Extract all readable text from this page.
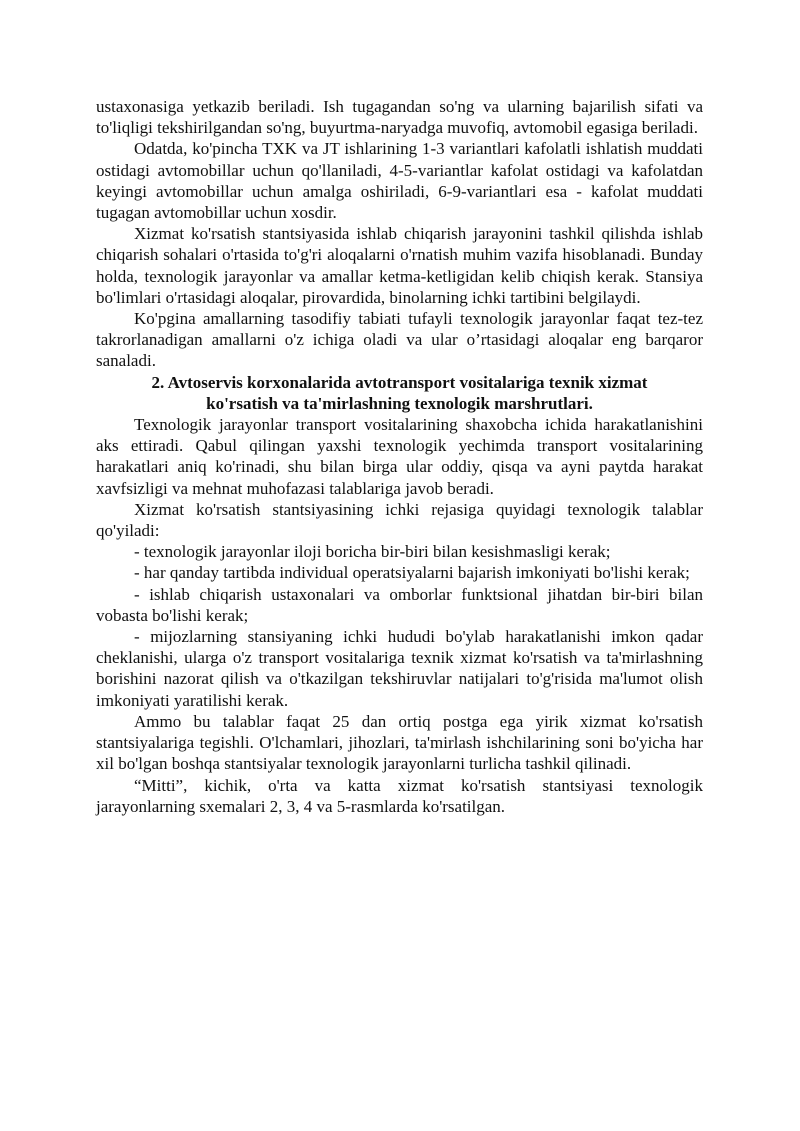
ustaxonasiga yetkazib beriladi. Ish tugagandan so'ng va ularning bajarilish sifati va to'liqligi tekshirilgandan so'ng, buyurtma-naryadga muvofiq, avtomobil egasiga beriladi.

Odatda, ko'pincha TXK va JT ishlarining 1-3 variantlari kafolatli ishlatish muddati ostidagi avtomobillar uchun qo'llaniladi, 4-5-variantlar kafolat ostidagi va kafolatdan keyingi avtomobillar uchun amalga oshiriladi, 6-9-variantlari esa - kafolat muddati tugagan avtomobillar uchun xosdir.

Xizmat ko'rsatish stantsiyasida ishlab chiqarish jarayonini tashkil qilishda ishlab chiqarish sohalari o'rtasida to'g'ri aloqalarni o'rnatish muhim vazifa hisoblanadi. Bunday holda, texnologik jarayonlar va amallar ketma-ketligidan kelib chiqish kerak. Stansiya bo'limlari o'rtasidagi aloqalar, pirovardida, binolarning ichki tartibini belgilaydi.

Ko'pgina amallarning tasodifiy tabiati tufayli texnologik jarayonlar faqat tez-tez takrorlanadigan amallarni o'z ichiga oladi va ular o’rtasidagi aloqalar eng barqaror sanaladi.

2. Avtoservis korxonalarida avtotransport vositalariga texnik xizmat ko'rsatish va ta'mirlashning texnologik marshrutlari.

Texnologik jarayonlar transport vositalarining shaxobcha ichida harakatlanishini aks ettiradi. Qabul qilingan yaxshi texnologik yechimda transport vositalarining harakatlari aniq ko'rinadi, shu bilan birga ular oddiy, qisqa va ayni paytda harakat xavfsizligi va mehnat muhofazasi talablariga javob beradi.

Xizmat ko'rsatish stantsiyasining ichki rejasiga quyidagi texnologik talablar qo'yiladi:

- texnologik jarayonlar iloji boricha bir-biri bilan kesishmasligi kerak;

- har qanday tartibda individual operatsiyalarni bajarish imkoniyati bo'lishi kerak;

- ishlab chiqarish ustaxonalari va omborlar funktsional jihatdan bir-biri bilan vobasta bo'lishi kerak;

- mijozlarning stansiyaning ichki hududi bo'ylab harakatlanishi imkon qadar cheklanishi, ularga o'z transport vositalariga texnik xizmat ko'rsatish va ta'mirlashning borishini nazorat qilish va o'tkazilgan tekshiruvlar natijalari to'g'risida ma'lumot olish imkoniyati yaratilishi kerak.

Ammo bu talablar faqat 25 dan ortiq postga ega yirik xizmat ko'rsatish stantsiyalariga tegishli. O'lchamlari, jihozlari, ta'mirlash ishchilarining soni bo'yicha har xil bo'lgan boshqa stantsiyalar texnologik jarayonlarni turlicha tashkil qilinadi.

“Mitti”, kichik, o'rta va katta xizmat ko'rsatish stantsiyasi texnologik jarayonlarning sxemalari 2, 3, 4 va 5-rasmlarda ko'rsatilgan.
